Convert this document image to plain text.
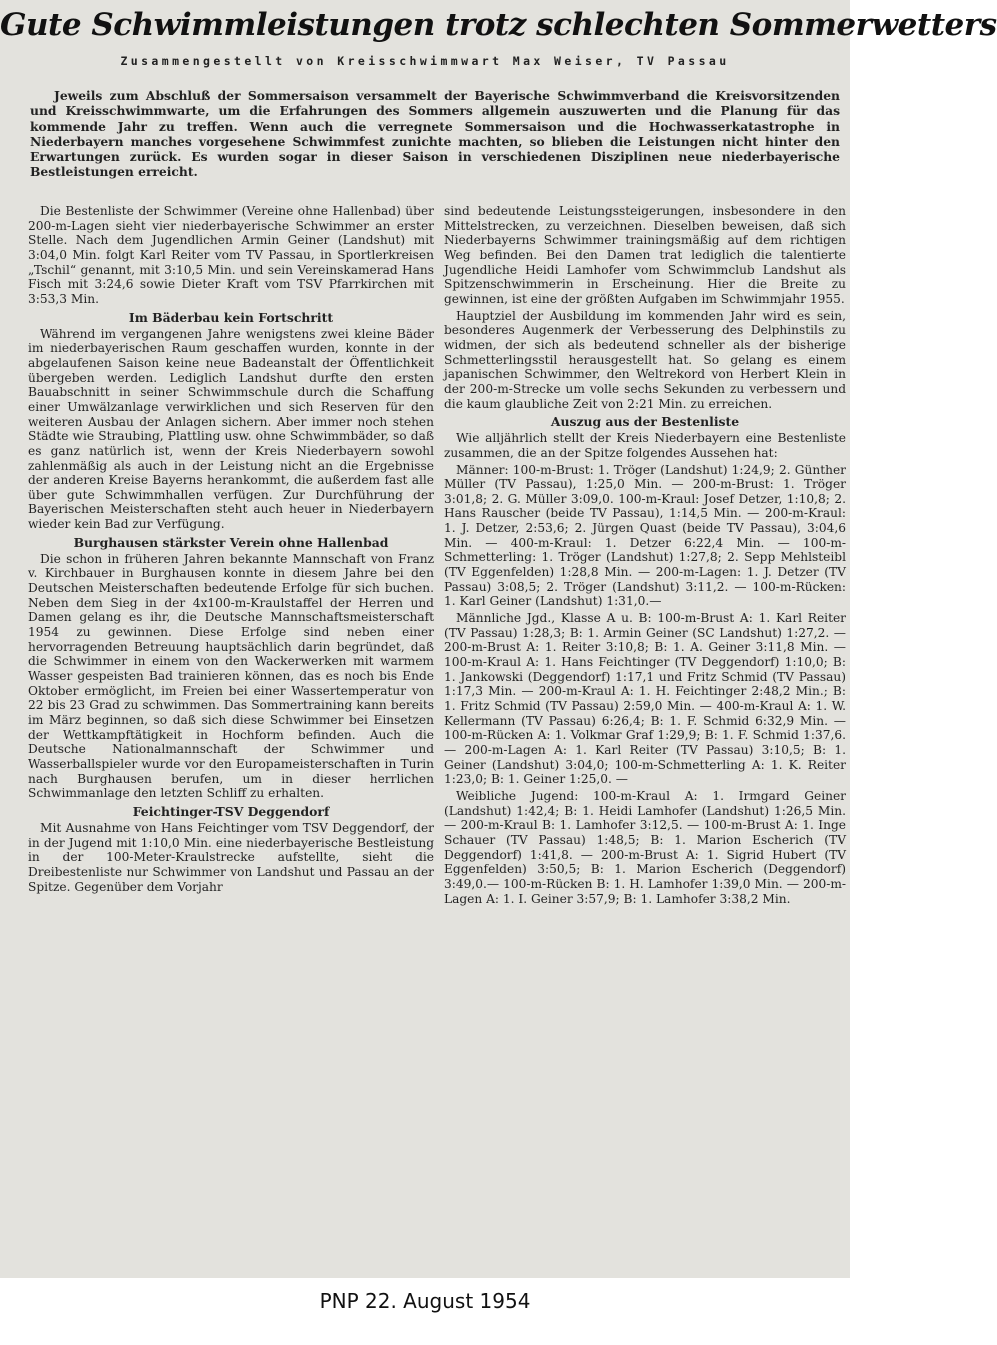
Gute Schwimmleistungen trotz schlechten Sommerwetters
Zusammengestellt von Kreisschwimmwart Max Weiser, TV Passau

Jeweils zum Abschluß der Sommersaison versammelt der Bayerische Schwimmverband die Kreisvorsitzenden und Kreisschwimmwarte, um die Erfahrungen des Sommers allgemein auszuwerten und die Planung für das kommende Jahr zu treffen. Wenn auch die verregnete Sommersaison und die Hochwasserkatastrophe in Niederbayern manches vorgesehene Schwimmfest zunichte machten, so blieben die Leistungen nicht hinter den Erwartungen zurück. Es wurden sogar in dieser Saison in verschiedenen Disziplinen neue niederbayerische Bestleistungen erreicht.

Die Bestenliste der Schwimmer (Vereine ohne Hallenbad) über 200-m-Lagen sieht vier niederbayerische Schwimmer an erster Stelle. Nach dem Jugendlichen Armin Geiner (Landshut) mit 3:04,0 Min. folgt Karl Reiter vom TV Passau, in Sportlerkreisen „Tschil“ genannt, mit 3:10,5 Min. und sein Vereinskamerad Hans Fisch mit 3:24,6 sowie Dieter Kraft vom TSV Pfarrkirchen mit 3:53,3 Min.

Im Bäderbau kein Fortschritt

Während im vergangenen Jahre wenigstens zwei kleine Bäder im niederbayerischen Raum geschaffen wurden, konnte in der abgelaufenen Saison keine neue Badeanstalt der Öffentlichkeit übergeben werden. Lediglich Landshut durfte den ersten Bauabschnitt in seiner Schwimmschule durch die Schaffung einer Umwälzanlage verwirklichen und sich Reserven für den weiteren Ausbau der Anlagen sichern. Aber immer noch stehen Städte wie Straubing, Plattling usw. ohne Schwimmbäder, so daß es ganz natürlich ist, wenn der Kreis Niederbayern sowohl zahlenmäßig als auch in der Leistung nicht an die Ergebnisse der anderen Kreise Bayerns herankommt, die außerdem fast alle über gute Schwimmhallen verfügen. Zur Durchführung der Bayerischen Meisterschaften steht auch heuer in Niederbayern wieder kein Bad zur Verfügung.

Burghausen stärkster Verein ohne Hallenbad

Die schon in früheren Jahren bekannte Mannschaft von Franz v. Kirchbauer in Burghausen konnte in diesem Jahre bei den Deutschen Meisterschaften bedeutende Erfolge für sich buchen. Neben dem Sieg in der 4x100-m-Kraulstaffel der Herren und Damen gelang es ihr, die Deutsche Mannschaftsmeisterschaft 1954 zu gewinnen. Diese Erfolge sind neben einer hervorragenden Betreuung hauptsächlich darin begründet, daß die Schwimmer in einem von den Wackerwerken mit warmem Wasser gespeisten Bad trainieren können, das es noch bis Ende Oktober ermöglicht, im Freien bei einer Wassertemperatur von 22 bis 23 Grad zu schwimmen. Das Sommertraining kann bereits im März beginnen, so daß sich diese Schwimmer bei Einsetzen der Wettkampftätigkeit in Hochform befinden. Auch die Deutsche Nationalmannschaft der Schwimmer und Wasserballspieler wurde vor den Europameisterschaften in Turin nach Burghausen berufen, um in dieser herrlichen Schwimmanlage den letzten Schliff zu erhalten.

Feichtinger-TSV Deggendorf

Mit Ausnahme von Hans Feichtinger vom TSV Deggendorf, der in der Jugend mit 1:10,0 Min. eine niederbayerische Bestleistung in der 100-Meter-Kraulstrecke aufstellte, sieht die Dreibestenliste nur Schwimmer von Landshut und Passau an der Spitze. Gegenüber dem Vorjahr

sind bedeutende Leistungssteigerungen, insbesondere in den Mittelstrecken, zu verzeichnen. Dieselben beweisen, daß sich Niederbayerns Schwimmer trainingsmäßig auf dem richtigen Weg befinden. Bei den Damen trat lediglich die talentierte Jugendliche Heidi Lamhofer vom Schwimmclub Landshut als Spitzenschwimmerin in Erscheinung. Hier die Breite zu gewinnen, ist eine der größten Aufgaben im Schwimmjahr 1955.

Hauptziel der Ausbildung im kommenden Jahr wird es sein, besonderes Augenmerk der Verbesserung des Delphinstils zu widmen, der sich als bedeutend schneller als der bisherige Schmetterlingsstil herausgestellt hat. So gelang es einem japanischen Schwimmer, den Weltrekord von Herbert Klein in der 200-m-Strecke um volle sechs Sekunden zu verbessern und die kaum glaubliche Zeit von 2:21 Min. zu erreichen.

Auszug aus der Bestenliste

Wie alljährlich stellt der Kreis Niederbayern eine Bestenliste zusammen, die an der Spitze folgendes Aussehen hat:

Männer: 100-m-Brust: 1. Tröger (Landshut) 1:24,9; 2. Günther Müller (TV Passau), 1:25,0 Min. — 200-m-Brust: 1. Tröger 3:01,8; 2. G. Müller 3:09,0. 100-m-Kraul: Josef Detzer, 1:10,8; 2. Hans Rauscher (beide TV Passau), 1:14,5 Min. — 200-m-Kraul: 1. J. Detzer, 2:53,6; 2. Jürgen Quast (beide TV Passau), 3:04,6 Min. — 400-m-Kraul: 1. Detzer 6:22,4 Min. — 100-m-Schmetterling: 1. Tröger (Landshut) 1:27,8; 2. Sepp Mehlsteibl (TV Eggenfelden) 1:28,8 Min. — 200-m-Lagen: 1. J. Detzer (TV Passau) 3:08,5; 2. Tröger (Landshut) 3:11,2. — 100-m-Rücken: 1. Karl Geiner (Landshut) 1:31,0.—

Männliche Jgd., Klasse A u. B: 100-m-Brust A: 1. Karl Reiter (TV Passau) 1:28,3; B: 1. Armin Geiner (SC Landshut) 1:27,2. — 200-m-Brust A: 1. Reiter 3:10,8; B: 1. A. Geiner 3:11,8 Min. — 100-m-Kraul A: 1. Hans Feichtinger (TV Deggendorf) 1:10,0; B: 1. Jankowski (Deggendorf) 1:17,1 und Fritz Schmid (TV Passau) 1:17,3 Min. — 200-m-Kraul A: 1. H. Feichtinger 2:48,2 Min.; B: 1. Fritz Schmid (TV Passau) 2:59,0 Min. — 400-m-Kraul A: 1. W. Kellermann (TV Passau) 6:26,4; B: 1. F. Schmid 6:32,9 Min. — 100-m-Rücken A: 1. Volkmar Graf 1:29,9; B: 1. F. Schmid 1:37,6.— 200-m-Lagen A: 1. Karl Reiter (TV Passau) 3:10,5; B: 1. Geiner (Landshut) 3:04,0; 100-m-Schmetterling A: 1. K. Reiter 1:23,0; B: 1. Geiner 1:25,0. —

Weibliche Jugend: 100-m-Kraul A: 1. Irmgard Geiner (Landshut) 1:42,4; B: 1. Heidi Lamhofer (Landshut) 1:26,5 Min. — 200-m-Kraul B: 1. Lamhofer 3:12,5. — 100-m-Brust A: 1. Inge Schauer (TV Passau) 1:48,5; B: 1. Marion Escherich (TV Deggendorf) 1:41,8. — 200-m-Brust A: 1. Sigrid Hubert (TV Eggenfelden) 3:50,5; B: 1. Marion Escherich (Deggendorf) 3:49,0.— 100-m-Rücken B: 1. H. Lamhofer 1:39,0 Min. — 200-m-Lagen A: 1. I. Geiner 3:57,9; B: 1. Lamhofer 3:38,2 Min.

PNP 22. August 1954
